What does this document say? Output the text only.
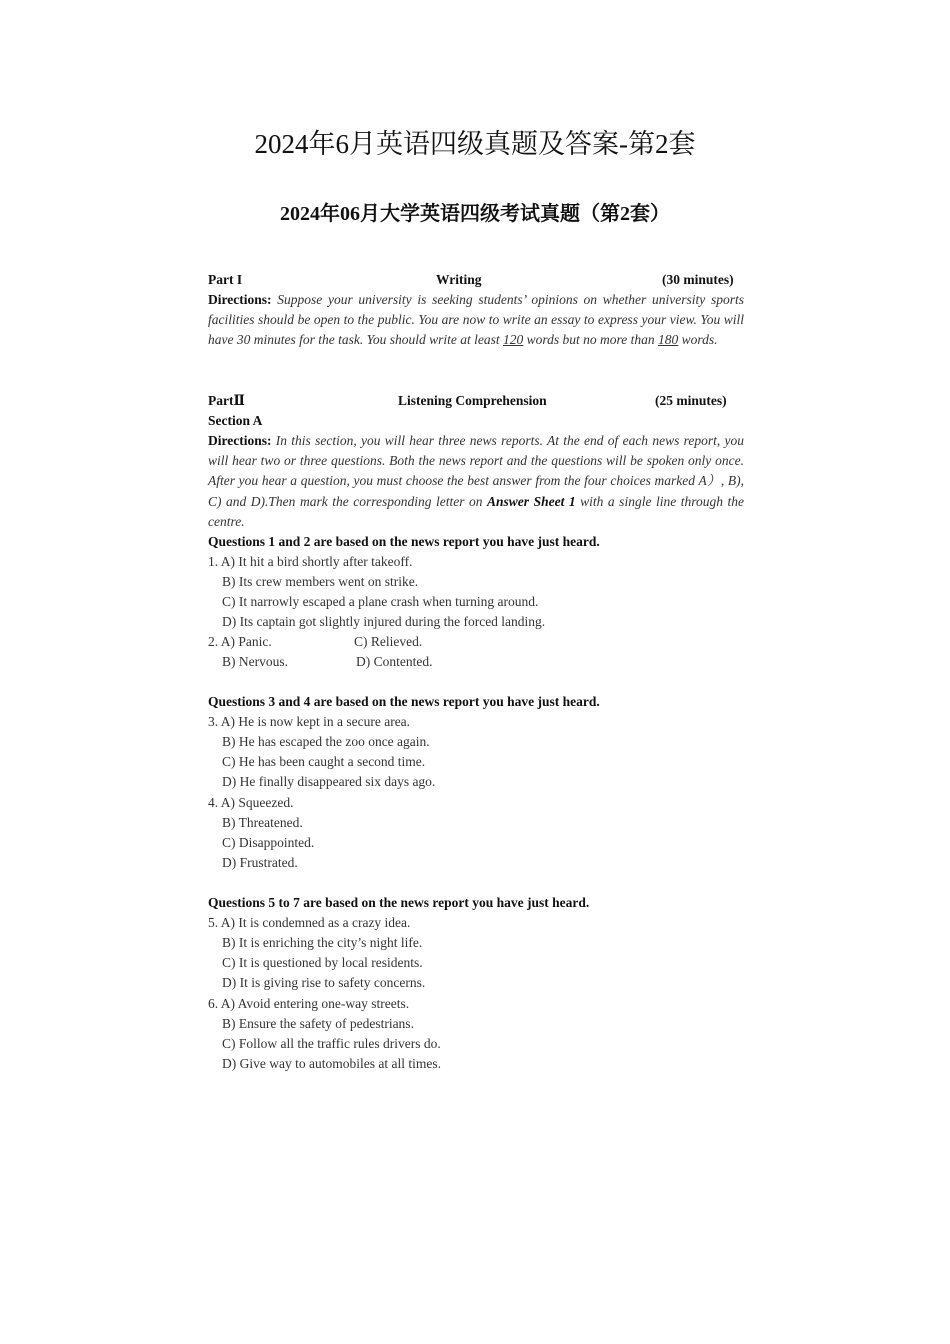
2024年6月英语四级真题及答案-第2套
2024年06月大学英语四级考试真题（第2套）
Part I	Writing	(30 minutes)
Directions: Suppose your university is seeking students’ opinions on whether university sports facilities should be open to the public. You are now to write an essay to express your view. You will have 30 minutes for the task. You should write at least 120 words but no more than 180 words.
PartⅡ	Listening Comprehension	(25 minutes)
Section A
Directions: In this section, you will hear three news reports. At the end of each news report, you will hear two or three questions. Both the news report and the questions will be spoken only once. After you hear a question, you must choose the best answer from the four choices marked A）, B), C) and D).Then mark the corresponding letter on Answer Sheet 1 with a single line through the centre.
Questions 1 and 2 are based on the news report you have just heard.
1. A) It hit a bird shortly after takeoff.
B) Its crew members went on strike.
C) It narrowly escaped a plane crash when turning around.
D) Its captain got slightly injured during the forced landing.
2. A) Panic.	C) Relieved.
B) Nervous.	D) Contented.
Questions 3 and 4 are based on the news report you have just heard.
3. A) He is now kept in a secure area.
B) He has escaped the zoo once again.
C) He has been caught a second time.
D) He finally disappeared six days ago.
4. A) Squeezed.
B) Threatened.
C) Disappointed.
D) Frustrated.
Questions 5 to 7 are based on the news report you have just heard.
5. A) It is condemned as a crazy idea.
B) It is enriching the city’s night life.
C) It is questioned by local residents.
D) It is giving rise to safety concerns.
6. A) Avoid entering one-way streets.
B) Ensure the safety of pedestrians.
C) Follow all the traffic rules drivers do.
D) Give way to automobiles at all times.
